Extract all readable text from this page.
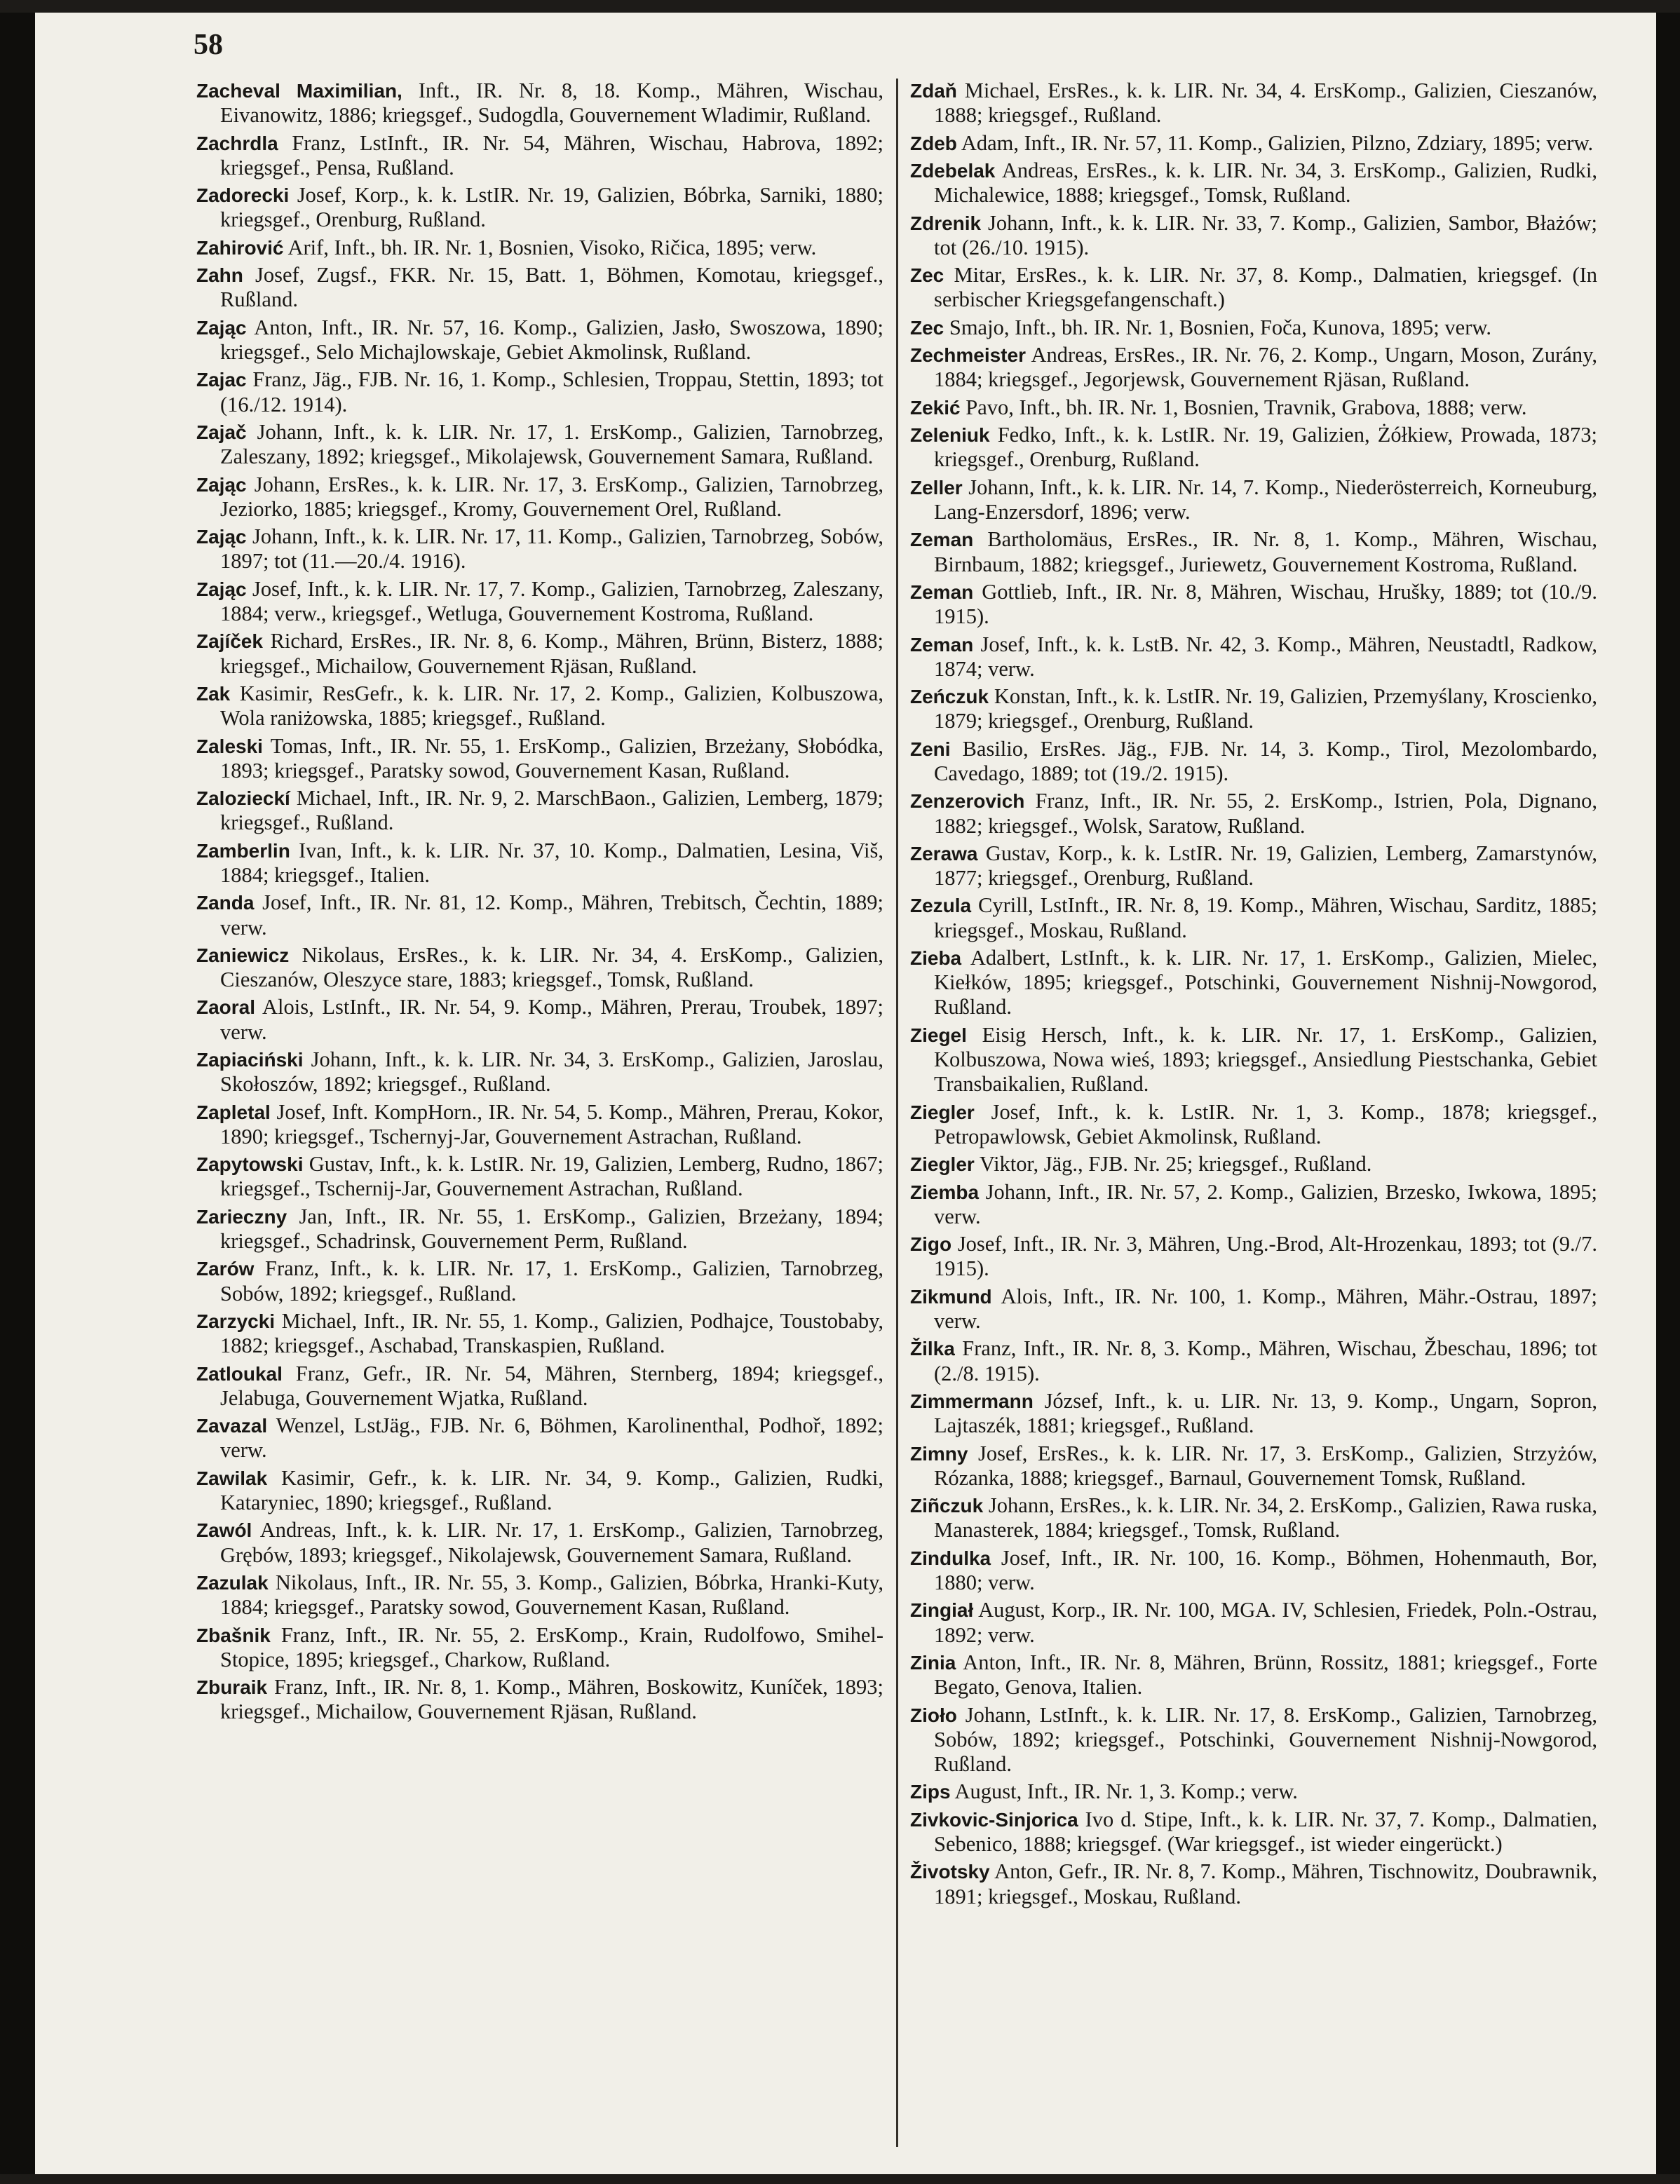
58

Zacheval Maximilian, Inft., IR. Nr. 8, 18. Komp., Mähren, Wischau, Eivanowitz, 1886; kriegsgef., Sudogdla, Gouvernement Wladimir, Rußland.

Zachrdla Franz, LstInft., IR. Nr. 54, Mähren, Wischau, Habrova, 1892; kriegsgef., Pensa, Rußland.

Zadorecki Josef, Korp., k. k. LstIR. Nr. 19, Galizien, Bóbrka, Sarniki, 1880; kriegsgef., Orenburg, Rußland.

Zahirović Arif, Inft., bh. IR. Nr. 1, Bosnien, Visoko, Ričica, 1895; verw.

Zahn Josef, Zugsf., FKR. Nr. 15, Batt. 1, Böhmen, Komotau, kriegsgef., Rußland.

Zając Anton, Inft., IR. Nr. 57, 16. Komp., Galizien, Jasło, Swoszowa, 1890; kriegsgef., Selo Michajlowskaje, Gebiet Akmolinsk, Rußland.

Zajac Franz, Jäg., FJB. Nr. 16, 1. Komp., Schlesien, Troppau, Stettin, 1893; tot (16./12. 1914).

Zajač Johann, Inft., k. k. LIR. Nr. 17, 1. ErsKomp., Galizien, Tarnobrzeg, Zaleszany, 1892; kriegsgef., Mikolajewsk, Gouvernement Samara, Rußland.

Zając Johann, ErsRes., k. k. LIR. Nr. 17, 3. ErsKomp., Galizien, Tarnobrzeg, Jeziorko, 1885; kriegsgef., Kromy, Gouvernement Orel, Rußland.

Zając Johann, Inft., k. k. LIR. Nr. 17, 11. Komp., Galizien, Tarnobrzeg, Sobów, 1897; tot (11.—20./4. 1916).

Zając Josef, Inft., k. k. LIR. Nr. 17, 7. Komp., Galizien, Tarnobrzeg, Zaleszany, 1884; verw., kriegsgef., Wetluga, Gouvernement Kostroma, Rußland.

Zajíček Richard, ErsRes., IR. Nr. 8, 6. Komp., Mähren, Brünn, Bisterz, 1888; kriegsgef., Michailow, Gouvernement Rjäsan, Rußland.

Zak Kasimir, ResGefr., k. k. LIR. Nr. 17, 2. Komp., Galizien, Kolbuszowa, Wola raniżowska, 1885; kriegsgef., Rußland.

Zaleski Tomas, Inft., IR. Nr. 55, 1. ErsKomp., Galizien, Brzeżany, Słobódka, 1893; kriegsgef., Paratsky sowod, Gouvernement Kasan, Rußland.

Zalozieckí Michael, Inft., IR. Nr. 9, 2. MarschBaon., Galizien, Lemberg, 1879; kriegsgef., Rußland.

Zamberlin Ivan, Inft., k. k. LIR. Nr. 37, 10. Komp., Dalmatien, Lesina, Viš, 1884; kriegsgef., Italien.

Zanda Josef, Inft., IR. Nr. 81, 12. Komp., Mähren, Trebitsch, Čechtin, 1889; verw.

Zaniewicz Nikolaus, ErsRes., k. k. LIR. Nr. 34, 4. ErsKomp., Galizien, Cieszanów, Oleszyce stare, 1883; kriegsgef., Tomsk, Rußland.

Zaoral Alois, LstInft., IR. Nr. 54, 9. Komp., Mähren, Prerau, Troubek, 1897; verw.

Zapiaciński Johann, Inft., k. k. LIR. Nr. 34, 3. ErsKomp., Galizien, Jaroslau, Skołoszów, 1892; kriegsgef., Rußland.

Zapletal Josef, Inft. KompHorn., IR. Nr. 54, 5. Komp., Mähren, Prerau, Kokor, 1890; kriegsgef., Tschernyj-Jar, Gouvernement Astrachan, Rußland.

Zapytowski Gustav, Inft., k. k. LstIR. Nr. 19, Galizien, Lemberg, Rudno, 1867; kriegsgef., Tschernij-Jar, Gouvernement Astrachan, Rußland.

Zarieczny Jan, Inft., IR. Nr. 55, 1. ErsKomp., Galizien, Brzeżany, 1894; kriegsgef., Schadrinsk, Gouvernement Perm, Rußland.

Zarów Franz, Inft., k. k. LIR. Nr. 17, 1. ErsKomp., Galizien, Tarnobrzeg, Sobów, 1892; kriegsgef., Rußland.

Zarzycki Michael, Inft., IR. Nr. 55, 1. Komp., Galizien, Podhajce, Toustobaby, 1882; kriegsgef., Aschabad, Transkaspien, Rußland.

Zatloukal Franz, Gefr., IR. Nr. 54, Mähren, Sternberg, 1894; kriegsgef., Jelabuga, Gouvernement Wjatka, Rußland.

Zavazal Wenzel, LstJäg., FJB. Nr. 6, Böhmen, Karolinenthal, Podhoř, 1892; verw.

Zawilak Kasimir, Gefr., k. k. LIR. Nr. 34, 9. Komp., Galizien, Rudki, Kataryniec, 1890; kriegsgef., Rußland.

Zawól Andreas, Inft., k. k. LIR. Nr. 17, 1. ErsKomp., Galizien, Tarnobrzeg, Grębów, 1893; kriegsgef., Nikolajewsk, Gouvernement Samara, Rußland.

Zazulak Nikolaus, Inft., IR. Nr. 55, 3. Komp., Galizien, Bóbrka, Hranki-Kuty, 1884; kriegsgef., Paratsky sowod, Gouvernement Kasan, Rußland.

Zbašnik Franz, Inft., IR. Nr. 55, 2. ErsKomp., Krain, Rudolfowo, Smihel-Stopice, 1895; kriegsgef., Charkow, Rußland.

Zburaik Franz, Inft., IR. Nr. 8, 1. Komp., Mähren, Boskowitz, Kuníček, 1893; kriegsgef., Michailow, Gouvernement Rjäsan, Rußland.

Zdaň Michael, ErsRes., k. k. LIR. Nr. 34, 4. ErsKomp., Galizien, Cieszanów, 1888; kriegsgef., Rußland.

Zdeb Adam, Inft., IR. Nr. 57, 11. Komp., Galizien, Pilzno, Zdziary, 1895; verw.

Zdebelak Andreas, ErsRes., k. k. LIR. Nr. 34, 3. ErsKomp., Galizien, Rudki, Michalewice, 1888; kriegsgef., Tomsk, Rußland.

Zdrenik Johann, Inft., k. k. LIR. Nr. 33, 7. Komp., Galizien, Sambor, Błażów; tot (26./10. 1915).

Zec Mitar, ErsRes., k. k. LIR. Nr. 37, 8. Komp., Dalmatien, kriegsgef. (In serbischer Kriegsgefangenschaft.)

Zec Smajo, Inft., bh. IR. Nr. 1, Bosnien, Foča, Kunova, 1895; verw.

Zechmeister Andreas, ErsRes., IR. Nr. 76, 2. Komp., Ungarn, Moson, Zurány, 1884; kriegsgef., Jegorjewsk, Gouvernement Rjäsan, Rußland.

Zekić Pavo, Inft., bh. IR. Nr. 1, Bosnien, Travnik, Grabova, 1888; verw.

Zeleniuk Fedko, Inft., k. k. LstIR. Nr. 19, Galizien, Żółkiew, Prowada, 1873; kriegsgef., Orenburg, Rußland.

Zeller Johann, Inft., k. k. LIR. Nr. 14, 7. Komp., Niederösterreich, Korneuburg, Lang-Enzersdorf, 1896; verw.

Zeman Bartholomäus, ErsRes., IR. Nr. 8, 1. Komp., Mähren, Wischau, Birnbaum, 1882; kriegsgef., Juriewetz, Gouvernement Kostroma, Rußland.

Zeman Gottlieb, Inft., IR. Nr. 8, Mähren, Wischau, Hrušky, 1889; tot (10./9. 1915).

Zeman Josef, Inft., k. k. LstB. Nr. 42, 3. Komp., Mähren, Neustadtl, Radkow, 1874; verw.

Zeńczuk Konstan, Inft., k. k. LstIR. Nr. 19, Galizien, Przemyślany, Kroscienko, 1879; kriegsgef., Orenburg, Rußland.

Zeni Basilio, ErsRes. Jäg., FJB. Nr. 14, 3. Komp., Tirol, Mezolombardo, Cavedago, 1889; tot (19./2. 1915).

Zenzerovich Franz, Inft., IR. Nr. 55, 2. ErsKomp., Istrien, Pola, Dignano, 1882; kriegsgef., Wolsk, Saratow, Rußland.

Zerawa Gustav, Korp., k. k. LstIR. Nr. 19, Galizien, Lemberg, Zamarstynów, 1877; kriegsgef., Orenburg, Rußland.

Zezula Cyrill, LstInft., IR. Nr. 8, 19. Komp., Mähren, Wischau, Sarditz, 1885; kriegsgef., Moskau, Rußland.

Zieba Adalbert, LstInft., k. k. LIR. Nr. 17, 1. ErsKomp., Galizien, Mielec, Kiełków, 1895; kriegsgef., Potschinki, Gouvernement Nishnij-Nowgorod, Rußland.

Ziegel Eisig Hersch, Inft., k. k. LIR. Nr. 17, 1. ErsKomp., Galizien, Kolbuszowa, Nowa wieś, 1893; kriegsgef., Ansiedlung Piestschanka, Gebiet Transbaikalien, Rußland.

Ziegler Josef, Inft., k. k. LstIR. Nr. 1, 3. Komp., 1878; kriegsgef., Petropawlowsk, Gebiet Akmolinsk, Rußland.

Ziegler Viktor, Jäg., FJB. Nr. 25; kriegsgef., Rußland.

Ziemba Johann, Inft., IR. Nr. 57, 2. Komp., Galizien, Brzesko, Iwkowa, 1895; verw.

Zigo Josef, Inft., IR. Nr. 3, Mähren, Ung.-Brod, Alt-Hrozenkau, 1893; tot (9./7. 1915).

Zikmund Alois, Inft., IR. Nr. 100, 1. Komp., Mähren, Mähr.-Ostrau, 1897; verw.

Žilka Franz, Inft., IR. Nr. 8, 3. Komp., Mähren, Wischau, Žbeschau, 1896; tot (2./8. 1915).

Zimmermann József, Inft., k. u. LIR. Nr. 13, 9. Komp., Ungarn, Sopron, Lajtaszék, 1881; kriegsgef., Rußland.

Zimny Josef, ErsRes., k. k. LIR. Nr. 17, 3. ErsKomp., Galizien, Strzyżów, Rózanka, 1888; kriegsgef., Barnaul, Gouvernement Tomsk, Rußland.

Ziñczuk Johann, ErsRes., k. k. LIR. Nr. 34, 2. ErsKomp., Galizien, Rawa ruska, Manasterek, 1884; kriegsgef., Tomsk, Rußland.

Zindulka Josef, Inft., IR. Nr. 100, 16. Komp., Böhmen, Hohenmauth, Bor, 1880; verw.

Zingiał August, Korp., IR. Nr. 100, MGA. IV, Schlesien, Friedek, Poln.-Ostrau, 1892; verw.

Zinia Anton, Inft., IR. Nr. 8, Mähren, Brünn, Rossitz, 1881; kriegsgef., Forte Begato, Genova, Italien.

Zioło Johann, LstInft., k. k. LIR. Nr. 17, 8. ErsKomp., Galizien, Tarnobrzeg, Sobów, 1892; kriegsgef., Potschinki, Gouvernement Nishnij-Nowgorod, Rußland.

Zips August, Inft., IR. Nr. 1, 3. Komp.; verw.

Zivkovic-Sinjorica Ivo d. Stipe, Inft., k. k. LIR. Nr. 37, 7. Komp., Dalmatien, Sebenico, 1888; kriegsgef. (War kriegsgef., ist wieder eingerückt.)

Životsky Anton, Gefr., IR. Nr. 8, 7. Komp., Mähren, Tischnowitz, Doubrawnik, 1891; kriegsgef., Moskau, Rußland.
